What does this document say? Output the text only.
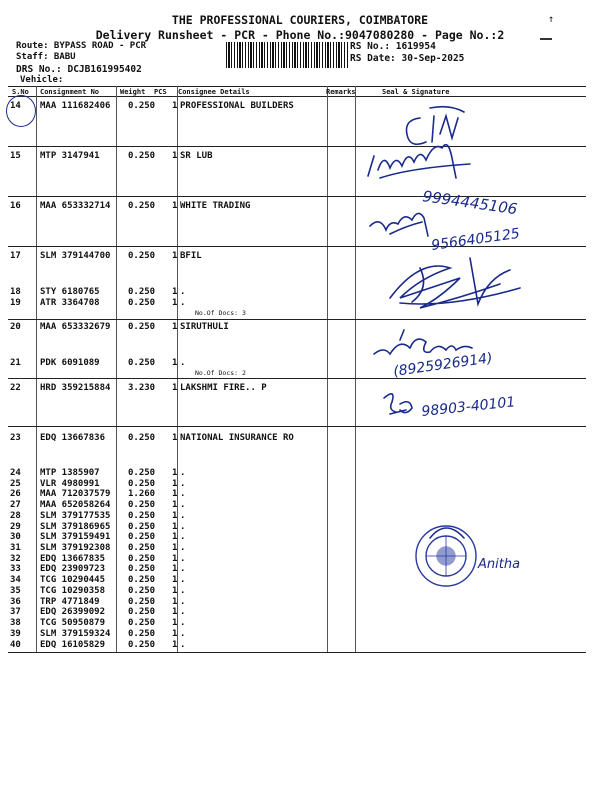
THE PROFESSIONAL COURIERS, COIMBATORE
Delivery Runsheet - PCR - Phone No.:9047080280 - Page No.:2
↑
Route: BYPASS ROAD - PCR
Staff: BABU
DRS No.: DCJB161995402
Vehicle:
RS No.: 1619954
RS Date: 30-Sep-2025
S.No Consignment No	Weight PCS Consignee Details	Remarks	Seal & Signature
14 MAA 111682406 0.250 1 PROFESSIONAL BUILDERS
15 MTP 3147941	0.250 1 SR LUB
16 MAA 653332714 0.250 1 WHITE TRADING
17 SLM 379144700 0.250 1 BFIL
18 STY 6180765	0.250 1 .
19 ATR 3364708	0.250 1 .
20 MAA 653332679 0.250 1 SIRUTHULI
21 PDK 6091089	0.250 1 .
22 HRD 359215884 3.230 1 LAKSHMI FIRE.. P
23 EDQ 13667836	0.250 1 NATIONAL INSURANCE RO
24 MTP 1385907	0.250 1 .
25 VLR 4980991	0.250 1 .
26 MAA 712037579 1.260 1 .
27 MAA 652058264 0.250 1 .
28 SLM 379177535 0.250 1 .
29 SLM 379186965 0.250 1 .
30 SLM 379159491 0.250 1 .
31 SLM 379192308 0.250 1 .
32 EDQ 13667835	0.250 1 .
33 EDQ 23909723	0.250 1 .
34 TCG 10290445	0.250 1 .
35 TCG 10290358	0.250 1 .
36 TRP 4771849	0.250 1 .
37 EDQ 26399092	0.250 1 .
38 TCG 50950879	0.250 1 .
39 SLM 379159324 0.250 1 .
40 EDQ 16105829	0.250 1 .
No.Of Docs: 3
No.Of Docs: 2
9994445106
9566405125
(8925926914)
98903-40101
Anitha
